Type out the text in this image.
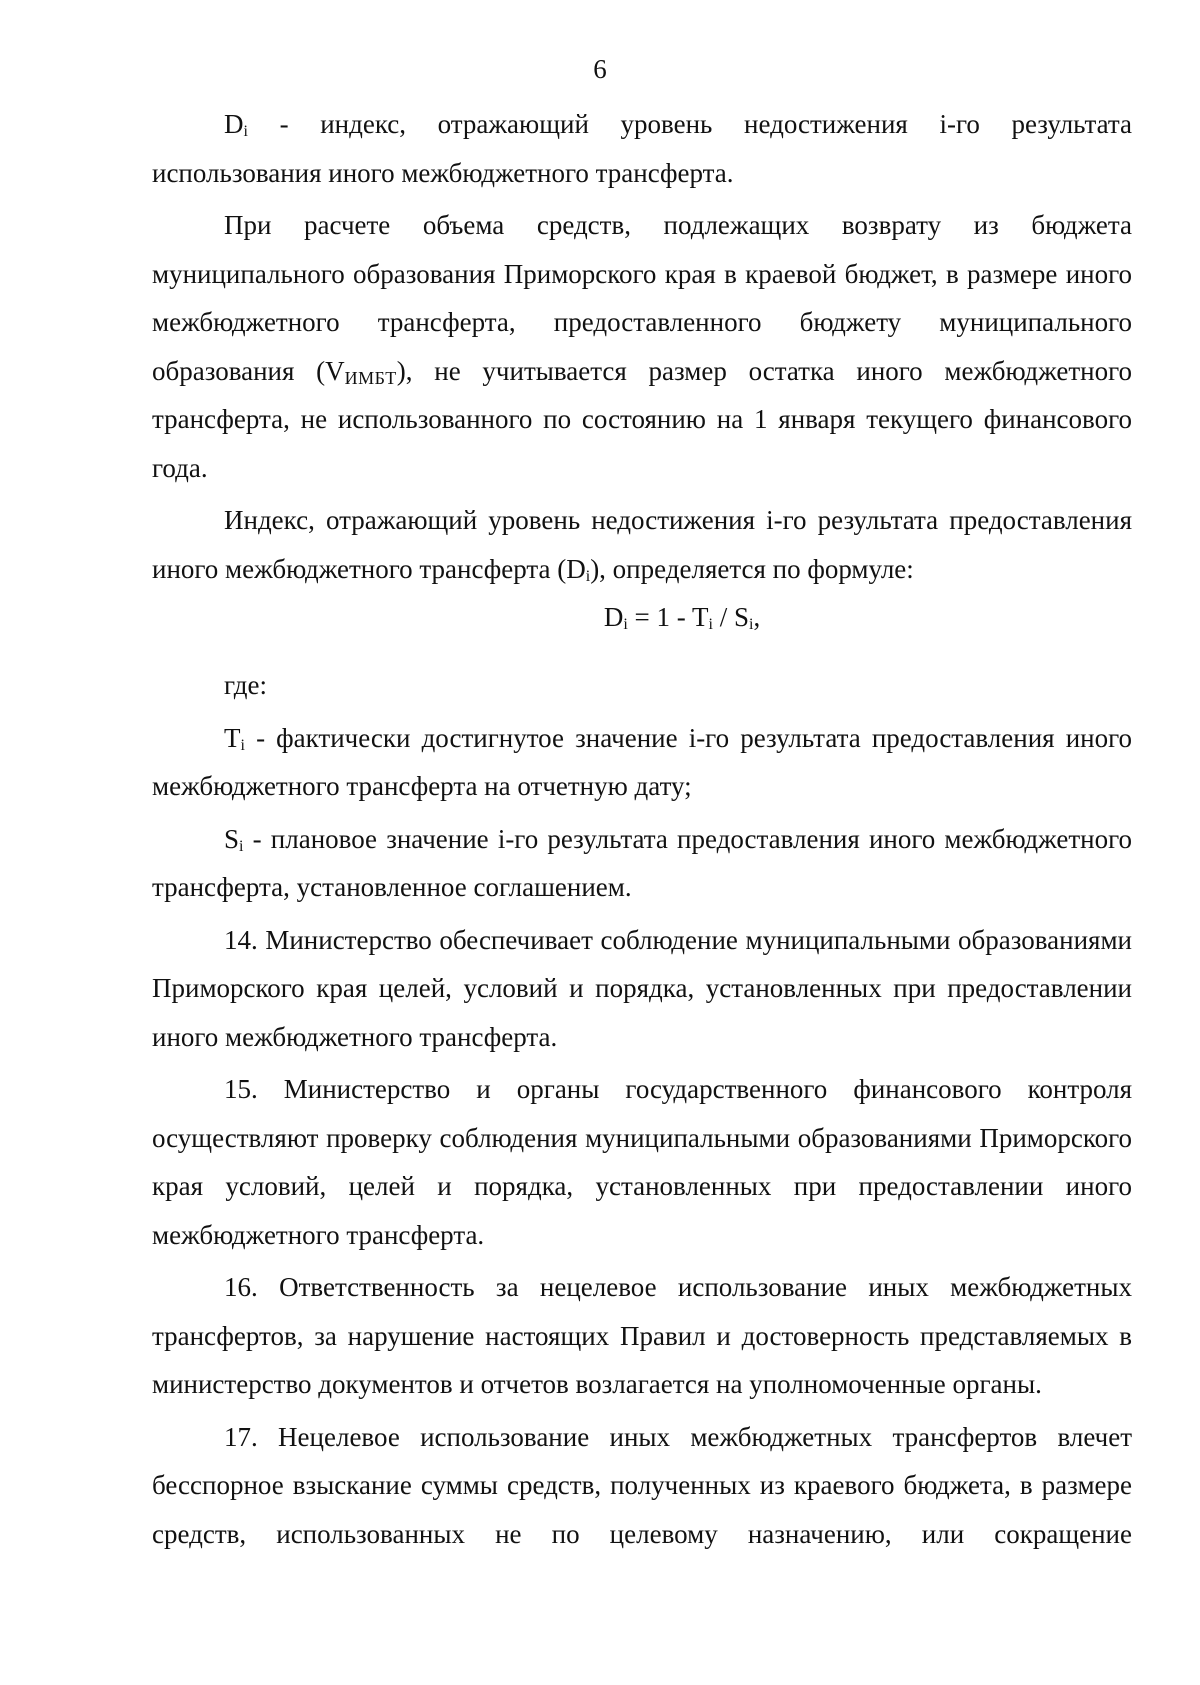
6

$D_i$ - индекс, отражающий уровень недостижения i-го результата использования иного межбюджетного трансферта.

При расчете объема средств, подлежащих возврату из бюджета муниципального образования Приморского края в краевой бюджет, в размере иного межбюджетного трансферта, предоставленного бюджету муниципального образования $(V_{ИМБТ})$, не учитывается размер остатка иного межбюджетного трансферта, не использованного по состоянию на 1 января текущего финансового года.

Индекс, отражающий уровень недостижения i-го результата предоставления иного межбюджетного трансферта $(D_i)$, определяется по формуле:

$D_i = 1 - T_i / S_i$,

где:

$T_i$ - фактически достигнутое значение i-го результата предоставления иного межбюджетного трансферта на отчетную дату;

$S_i$ - плановое значение i-го результата предоставления иного межбюджетного трансферта, установленное соглашением.

14. Министерство обеспечивает соблюдение муниципальными образованиями Приморского края целей, условий и порядка, установленных при предоставлении иного межбюджетного трансферта.

15. Министерство и органы государственного финансового контроля осуществляют проверку соблюдения муниципальными образованиями Приморского края условий, целей и порядка, установленных при предоставлении иного межбюджетного трансферта.

16. Ответственность за нецелевое использование иных межбюджетных трансфертов, за нарушение настоящих Правил и достоверность представляемых в министерство документов и отчетов возлагается на уполномоченные органы.

17. Нецелевое использование иных межбюджетных трансфертов влечет бесспорное взыскание суммы средств, полученных из краевого бюджета, в размере средств, использованных не по целевому назначению, или сокращение
